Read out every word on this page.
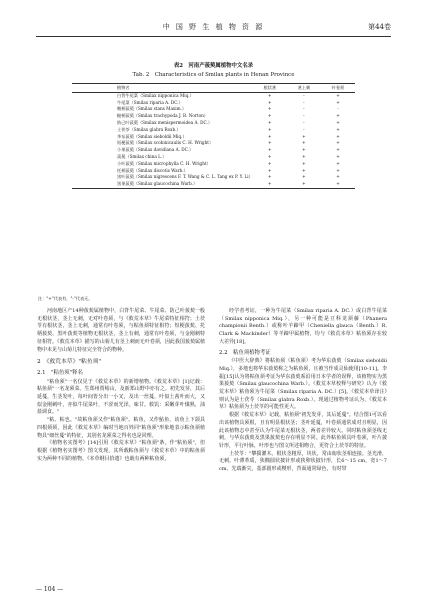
中 国 野 生 植 物 资 源	第44卷
表2　河南产菝葜属植物中文名录
Tab. 2　Characteristics of Smilax plants in Henan Province
植物名	根状茎	茎上刺	叶卷须
白背牛尾菜（Smilax nipponica Miq.）	+	-	+
牛尾菜（Smilax riparia A. DC.）	+	-	+
鞘柄菝葜（Smilax stans Maxim.）	+	-	-
糙柄菝葜（Smilax trachypoda J. B. Norton）	+	-	+
防己叶菝葜（Smilax menispermoidea A. DC.）	+	-	+
土茯苓（Smilax glabra Roxb.）	+	-	+
华东菝葜（Smilax sieboldii Miq.）	+	+	+
短梗菝葜（Smilax scobinicaulis C. H. Wright）	+	+	+
小果菝葜（Smilax davidiana A. DC.）	+	+	+
菝葜（Smilax china L.）	+	+	+
小叶菝葜（Smilax microphylla C. H. Wright）	+	+	+
托柄菝葜（Smilax discotis Warb.）	+	+	+
黑叶菝葜（Smilax nigrescens F. T. Wang & C. L. Tang ex P. Y. Li）	+	+	+
黑果菝葜（Smilax glaucochina Warb.）	+	+	+
注："+"代表有，"-"代表无。

河南地区产14种菝葜属植物中，白背牛尾菜、牛尾菜、防己叶菝葜一般无根状茎，茎上无刺，无对叶卷须，与《救荒本草》牛尾菜特征相符；土茯苓有根状茎，茎上无刺，通常有叶卷须，与粘鱼须特征相符；短梗菝葜、托柄菝葜、黑叶菝葜等植物无根状茎，茎上有刺，通常有叶卷须，与金刚刺特征相符。《救荒本草》描写的山菊儿有茎上刺而无叶卷须，因此我国菝葜属植物中未见与山菊儿特征完全符合的物种。

2　《救荒本草》"粘鱼须"

2.1　"粘鱼须"释名

"粘鱼须"一名仅见于《救荒本草》的新增植物。《救荒本草》[1]记载：粘鱼须"一名龙须菜。生郑州贾峪山，及新郑山野中亦有之。初先发芽，其后延蔓，生茎发叶，每叶间皆分出一小叉，及出一丝蔓，叶似土茜叶而大，又似金刚刺叶，亦似牛尾菜叶，不涩而光泽。味甘。救饥：采嫩芽叶煤熟，油盐调食。"

"粘、粘也。"故粘鱼须又作"粘鱼须"。粘鱼，又作鮎鱼，该鱼上下颌具四根须须，因此《救荒本草》编时当地百姓同"粘鱼须"形象地表示粘鱼须植物具"细丝蔓"的特征，其别名龙须菜之得名也是同理。

《植物名实图考》[14]引用《救荒本草》"粘鱼须"条，作"粘鱼须"，但根据《植物名实图考》图文发现，其所载粘鱼须与《救荒本草》中的粘鱼须实为两种不同的植物。《本草纲目拾遗》也载有两种粘鱼须，

经学者考证，一种为牛尾菜（Smilax riparia A. DC.）或白背牛尾菜（Smilax nipponica Miq.），另一种可能是豆科龙须藤（Phanera championii Benth.）或称叶羊蹄甲（Cheniella glauca（Benth.）R. Clark & Mackinder）等羊蹄甲属植物，均与《救荒本草》粘鱼须存在较大差异[18]。

2.2　粘鱼须植物考证

《中医大辞典》将粘鱼须（粘鱼须）考为华东菝葜（Smilax sieboldii Miq.），多地也将华东菝葜称之为粘鱼须，且被当作成灵仙使用[10-11]。李振[15]认为将粘鱼须考证为华东菝葜系沿用日本学者的误释，该植物实为黑果菝葜（Smilax glaucochina Warb.）。《救荒本草校释与研究》认为《救荒本草》粘鱼须为牛尾菜（Smilax riparia A. DC.）[5]。《救荒本草译注》则认为是土茯苓（Smilax glabra Roxb.）。现通过植物考证认为，《救荒本草》粘鱼须为土茯苓的可能性更大。

根据《救荒本草》记载，粘鱼须"初先发芽，其后延蔓"。结合图1可以看出该植物具须根，且有明显根状茎；茎叶延蔓，叶卷须通常成对且明显，因此该植物志中甚至认为牛尾菜无根状茎，两者差异较大。同时粘鱼须茎线无刺，与华东菝葜及黑果菝葜也存在明显不同。此外粘鱼须具叶卷须，叶片披针形，平行叶脉，叶形也与图文所述相吻合，更符合土茯苓的特征。

土茯苓："攀援灌木。根状茎粗厚，块状，常由匍状茎相连接。茎光滑，无刺。叶薄革质，狭椭圆状披针形或狭卵状披针形，长6～15 cm，宽1～7 cm，先端渐尖，基部圆形或楔形，背面通常绿色，有时带

— 104 —
